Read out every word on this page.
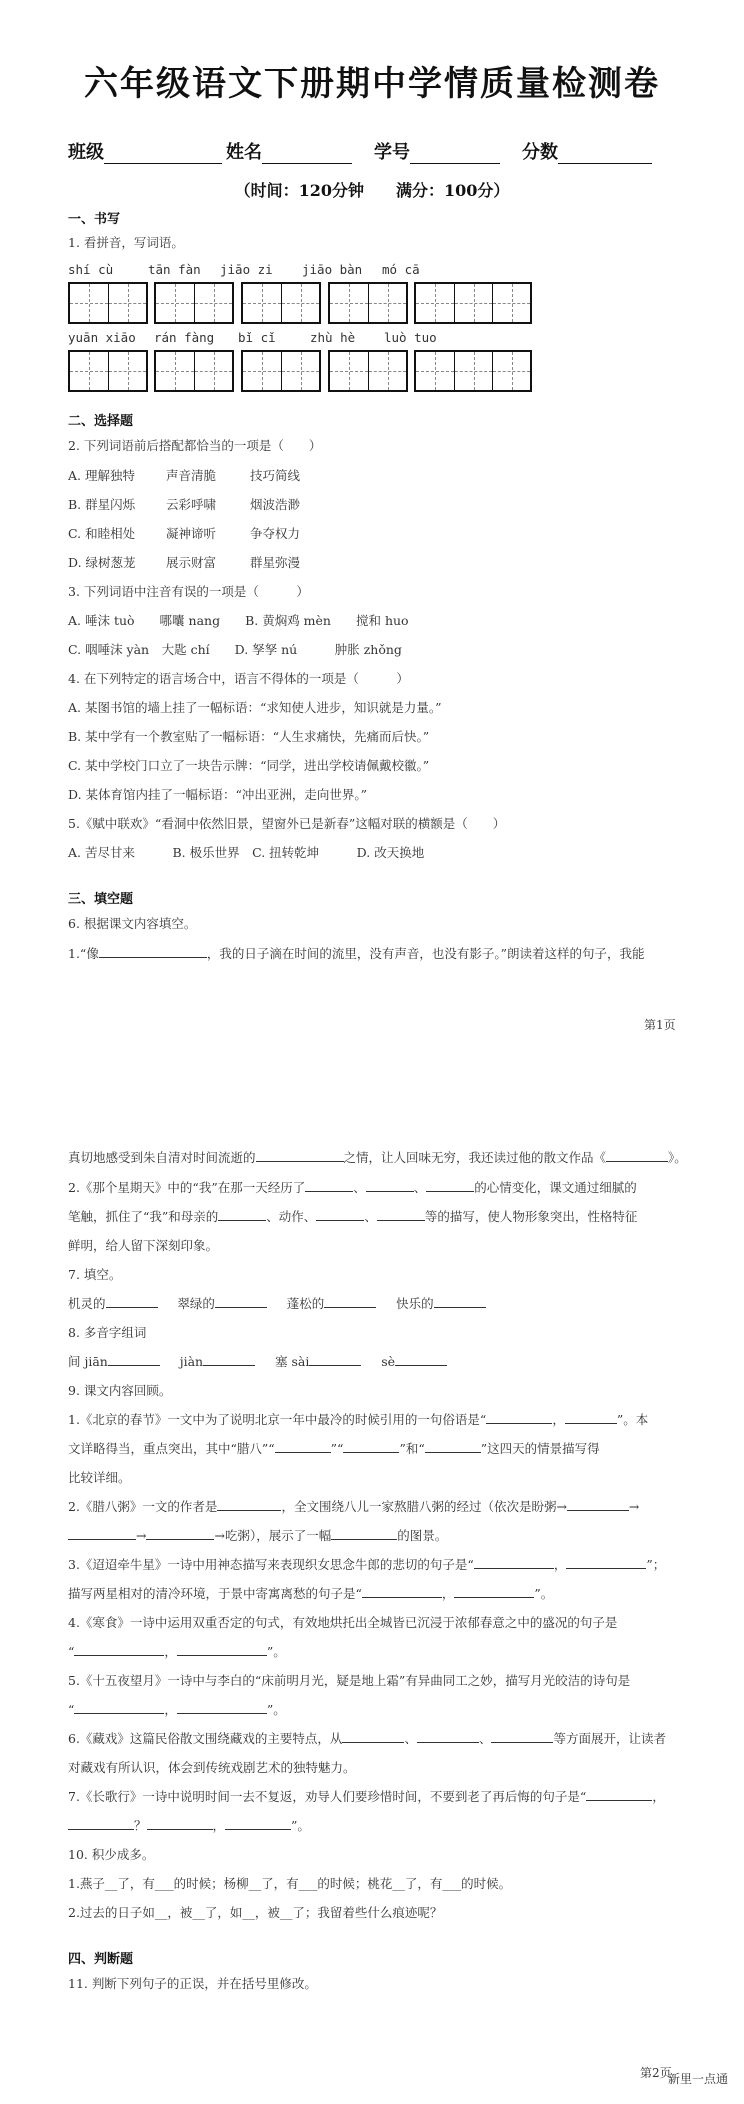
六年级语文下册期中学情质量检测卷
班级	姓名	学号	分数
（时间：120分钟　　满分：100分）
一、书写
1. 看拼音，写词语。
shí cù	tān fàn jiāo zi jiāo bàn mó cā
yuān xiāo rán fàng bǐ cǐ	zhù hè luò tuo
二、选择题
2. 下列词语前后搭配都恰当的一项是（　　）
A. 理解独特 声音清脆	技巧简线
B. 群星闪烁 云彩呼啸	烟波浩渺
C. 和睦相处 凝神谛听	争夺权力
D. 绿树葱茏 展示财富	群星弥漫
3. 下列词语中注音有误的一项是（　　　）
A. 唾沫 tuò　　哪囔 nang　　B. 黄焖鸡 mèn　　搅和 huo
C. 咽唾沫 yàn　大匙 chí　　D. 孥孥 nú　　　肿胀 zhǒng
4. 在下列特定的语言场合中，语言不得体的一项是（　　　）
A. 某图书馆的墙上挂了一幅标语：“求知使人进步，知识就是力量。”
B. 某中学有一个教室贴了一幅标语：“人生求痛快，先痛而后快。”
C. 某中学校门口立了一块告示牌：“同学，进出学校请佩戴校徽。”
D. 某体育馆内挂了一幅标语：“冲出亚洲，走向世界。”
5.《赋中联欢》“看洞中依然旧景，望窗外已是新春”这幅对联的横额是（　　）
A. 苦尽甘来　　　B. 极乐世界　C. 扭转乾坤　　　D. 改天换地
三、填空题
6. 根据课文内容填空。
1.“像	，我的日子滴在时间的流里，没有声音，也没有影子。”朗读着这样的句子，我能
第1页
真切地感受到朱自清对时间流逝的	之情，让人回味无穷，我还读过他的散文作品《	》。
2.《那个星期天》中的“我”在那一天经历了	、	、	的心情变化，课文通过细腻的
笔触，抓住了“我”和母亲的	、动作、	、	等的描写，使人物形象突出，性格特征
鲜明，给人留下深刻印象。
7. 填空。
机灵的	翠绿的	蓬松的	快乐的
8. 多音字组词
间 jiān	jiàn	塞 sài	sè
9. 课文内容回顾。
1.《北京的春节》一文中为了说明北京一年中最冷的时候引用的一句俗语是“	，	”。本
文详略得当，重点突出，其中“腊八”“	”“	”和“	”这四天的情景描写得
比较详细。
2.《腊八粥》一文的作者是	，全文围绕八儿一家熬腊八粥的经过（依次是盼粥→	→
→	→吃粥），展示了一幅	的图景。
3.《迢迢牵牛星》一诗中用神态描写来表现织女思念牛郎的悲切的句子是“	，	”；
描写两星相对的清冷环境，于景中寄寓离愁的句子是“	，	”。
4.《寒食》一诗中运用双重否定的句式，有效地烘托出全城皆已沉浸于浓郁春意之中的盛况的句子是
“	，	”。
5.《十五夜望月》一诗中与李白的“床前明月光，疑是地上霜”有异曲同工之妙，描写月光皎洁的诗句是
“	，	”。
6.《藏戏》这篇民俗散文围绕藏戏的主要特点，从	、	、	等方面展开，让读者
对藏戏有所认识，体会到传统戏剧艺术的独特魅力。
7.《长歌行》一诗中说明时间一去不复返，劝导人们要珍惜时间，不要到老了再后悔的句子是“	，
？	，	”。
10. 积少成多。
1.燕子__了，有___的时候；杨柳__了，有___的时候；桃花__了，有___的时候。
2.过去的日子如__，被__了，如__，被__了；我留着些什么痕迹呢？
四、判断题
11. 判断下列句子的正误，并在括号里修改。
第2页
新里一点通
